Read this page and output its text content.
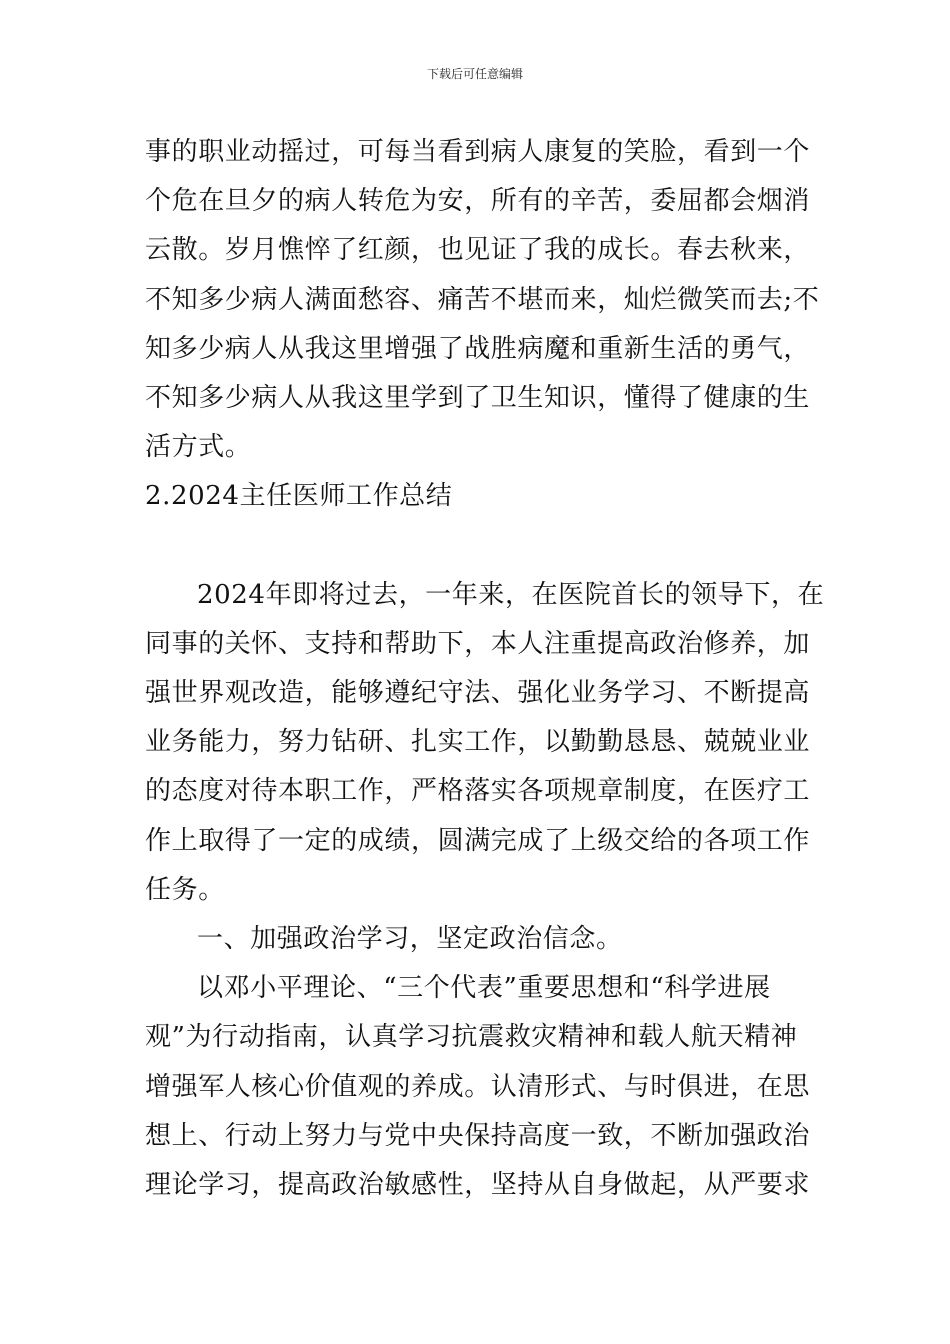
下载后可任意编辑
事的职业动摇过，可每当看到病人康复的笑脸，看到一个
个危在旦夕的病人转危为安，所有的辛苦，委屈都会烟消
云散。岁月憔悴了红颜，也见证了我的成长。春去秋来，
不知多少病人满面愁容、痛苦不堪而来，灿烂微笑而去;不
知多少病人从我这里增强了战胜病魔和重新生活的勇气，
不知多少病人从我这里学到了卫生知识，懂得了健康的生
活方式。
2.2024主任医师工作总结
2024年即将过去，一年来，在医院首长的领导下，在
同事的关怀、支持和帮助下，本人注重提高政治修养，加
强世界观改造，能够遵纪守法、强化业务学习、不断提高
业务能力，努力钻研、扎实工作，以勤勤恳恳、兢兢业业
的态度对待本职工作，严格落实各项规章制度，在医疗工
作上取得了一定的成绩，圆满完成了上级交给的各项工作
任务。
一、加强政治学习，坚定政治信念。
以邓小平理论、“三个代表”重要思想和“科学进展
观”为行动指南，认真学习抗震救灾精神和载人航天精神
增强军人核心价值观的养成。认清形式、与时俱进，在思
想上、行动上努力与党中央保持高度一致，不断加强政治
理论学习，提高政治敏感性，坚持从自身做起，从严要求
